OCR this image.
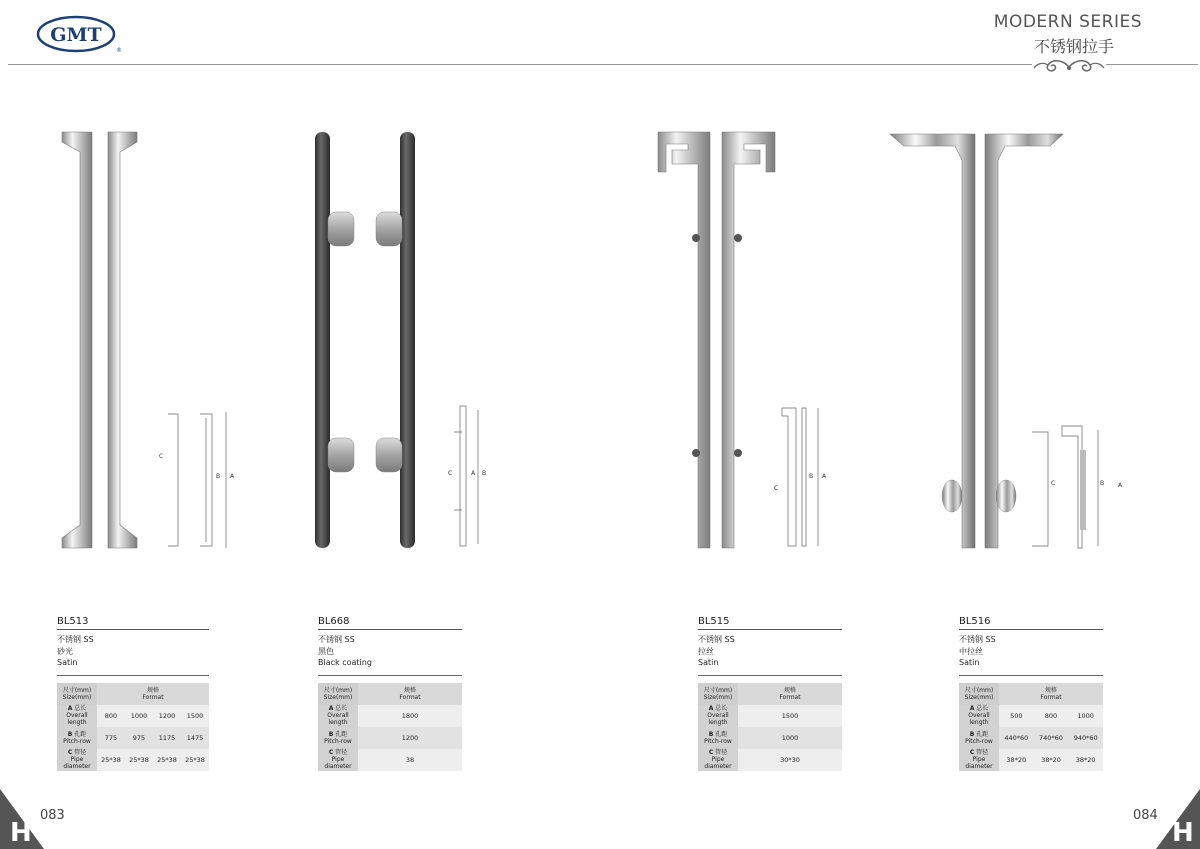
GMT
®
MODERN SERIES
不锈钢拉手
C
B A	C	A B
C
B A
C	B A
BL513
不锈钢 SS
砂光
Satin
尺寸(mm)
Size(mm)	规格
Format			
A 总长
Overall length	800	1000	1200	1500
B 孔距
Pitch-row	775	975	1175	1475
C 管径
Pipe diameter	25*38	25*38	25*38	25*38
BL668
不锈钢 SS
黑色
Black coating
尺寸(mm)
Size(mm)	规格
Format
A 总长
Overall length	1800
B 孔距
Pitch-row	1200
C 管径
Pipe diameter	38
BL515
不锈钢 SS
拉丝
Satin
尺寸(mm)
Size(mm)	规格
Format
A 总长
Overall length	1500
B 孔距
Pitch-row	1000
C 管径
Pipe diameter	30*30
BL516
不锈钢 SS
中拉丝
Satin
尺寸(mm)
Size(mm)	规格
Format		
A 总长
Overall length	500	800	1000
B 孔距
Pitch-row	440*60	740*60	940*60
C 管径
Pipe diameter	38*20	38*20	38*20
H
083
H
084
